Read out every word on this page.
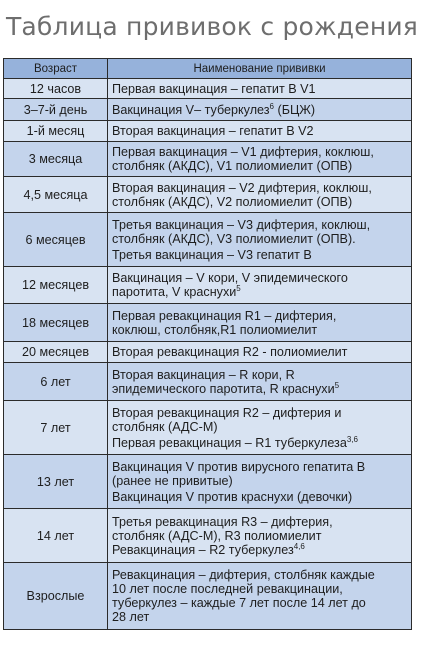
Таблица прививок с рождения
Возраст	Наименование прививки
12 часов	Первая вакцинация – гепатит B V1

3–7-й день	Вакцинация V– туберкулез$^6$ (БЦЖ)

1-й месяц	Вторая вакцинация – гепатит B V2

3 месяца	Первая вакцинация – V1 дифтерия, коклюш,
столбняк (АКДС), V1 полиомиелит (ОПВ)

4,5 месяца	Вторая вакцинация – V2 дифтерия, коклюш,
столбняк (АКДС), V2 полиомиелит (ОПВ)

6 месяцев	Третья вакцинация – V3 дифтерия, коклюш,
столбняк (АКДС), V3 полиомиелит (ОПВ).
Третья вакцинация – V3 гепатит B

12 месяцев	Вакцинация – V кори, V эпидемического
паротита, V краснухи$^5$

18 месяцев	Первая ревакцинация R1 – дифтерия,
коклюш, столбняк,R1 полиомиелит

20 месяцев	Вторая ревакцинация R2 - полиомиелит

6 лет	Вторая вакцинация – R кори, R
эпидемического паротита, R краснухи$^5$

7 лет	Вторая ревакцинация R2 – дифтерия и
столбняк (АДС-М)
Первая ревакцинация – R1 туберкулеза$^{3,6}$

13 лет	Вакцинация V против вирусного гепатита B
(ранее не привитые)
Вакцинация V против краснухи (девочки)

14 лет	Третья ревакцинация R3 – дифтерия,
столбняк (АДС-М), R3 полиомиелит
Ревакцинация – R2 туберкулез$^{4,6}$

Взрослые	Ревакцинация – дифтерия, столбняк каждые
10 лет после последней ревакцинации,
туберкулез – каждые 7 лет после 14 лет до
28 лет
